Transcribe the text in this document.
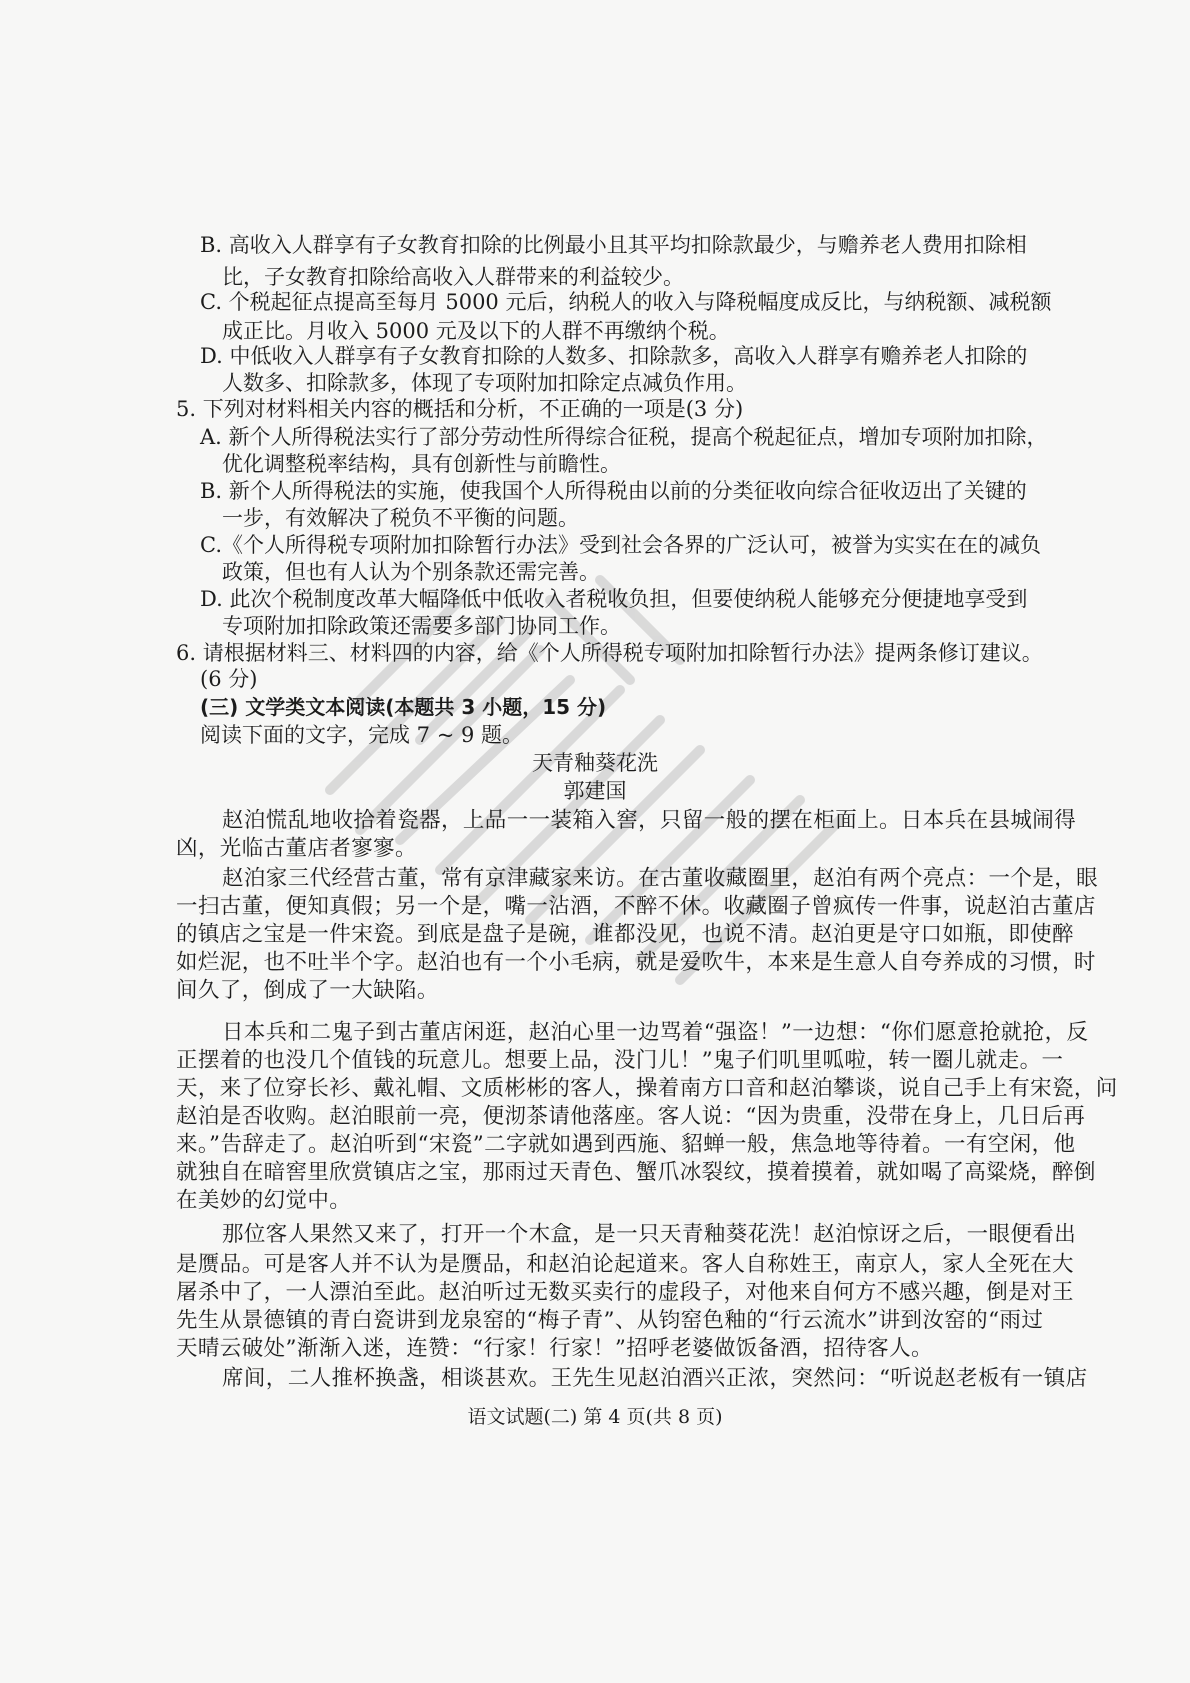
B. 高收入人群享有子女教育扣除的比例最小且其平均扣除款最少，与赡养老人费用扣除相
比，子女教育扣除给高收入人群带来的利益较少。
C. 个税起征点提高至每月 5000 元后，纳税人的收入与降税幅度成反比，与纳税额、减税额
成正比。月收入 5000 元及以下的人群不再缴纳个税。
D. 中低收入人群享有子女教育扣除的人数多、扣除款多，高收入人群享有赡养老人扣除的
人数多、扣除款多，体现了专项附加扣除定点减负作用。
5. 下列对材料相关内容的概括和分析，不正确的一项是(3 分)
A. 新个人所得税法实行了部分劳动性所得综合征税，提高个税起征点，增加专项附加扣除，
优化调整税率结构，具有创新性与前瞻性。
B. 新个人所得税法的实施，使我国个人所得税由以前的分类征收向综合征收迈出了关键的
一步，有效解决了税负不平衡的问题。
C.《个人所得税专项附加扣除暂行办法》受到社会各界的广泛认可，被誉为实实在在的减负
政策，但也有人认为个别条款还需完善。
D. 此次个税制度改革大幅降低中低收入者税收负担，但要使纳税人能够充分便捷地享受到
专项附加扣除政策还需要多部门协同工作。
6. 请根据材料三、材料四的内容，给《个人所得税专项附加扣除暂行办法》提两条修订建议。
(6 分)
(三) 文学类文本阅读(本题共 3 小题，15 分)
阅读下面的文字，完成 7 ~ 9 题。
天青釉葵花洗
郭建国
赵泊慌乱地收拾着瓷器，上品一一装箱入窖，只留一般的摆在柜面上。日本兵在县城闹得
凶，光临古董店者寥寥。
赵泊家三代经营古董，常有京津藏家来访。在古董收藏圈里，赵泊有两个亮点：一个是，眼
一扫古董，便知真假；另一个是，嘴一沾酒，不醉不休。收藏圈子曾疯传一件事，说赵泊古董店
的镇店之宝是一件宋瓷。到底是盘子是碗，谁都没见，也说不清。赵泊更是守口如瓶，即使醉
如烂泥，也不吐半个字。赵泊也有一个小毛病，就是爱吹牛，本来是生意人自夸养成的习惯，时
间久了，倒成了一大缺陷。
日本兵和二鬼子到古董店闲逛，赵泊心里一边骂着“强盗！”一边想：“你们愿意抢就抢，反
正摆着的也没几个值钱的玩意儿。想要上品，没门儿！”鬼子们叽里呱啦，转一圈儿就走。一
天，来了位穿长衫、戴礼帽、文质彬彬的客人，操着南方口音和赵泊攀谈，说自己手上有宋瓷，问
赵泊是否收购。赵泊眼前一亮，便沏茶请他落座。客人说：“因为贵重，没带在身上，几日后再
来。”告辞走了。赵泊听到“宋瓷”二字就如遇到西施、貂蝉一般，焦急地等待着。一有空闲，他
就独自在暗窖里欣赏镇店之宝，那雨过天青色、蟹爪冰裂纹，摸着摸着，就如喝了高粱烧，醉倒
在美妙的幻觉中。
那位客人果然又来了，打开一个木盒，是一只天青釉葵花洗！赵泊惊讶之后，一眼便看出
是赝品。可是客人并不认为是赝品，和赵泊论起道来。客人自称姓王，南京人，家人全死在大
屠杀中了，一人漂泊至此。赵泊听过无数买卖行的虚段子，对他来自何方不感兴趣，倒是对王
先生从景德镇的青白瓷讲到龙泉窑的“梅子青”、从钧窑色釉的“行云流水”讲到汝窑的“雨过
天晴云破处”渐渐入迷，连赞：“行家！行家！”招呼老婆做饭备酒，招待客人。
席间，二人推杯换盏，相谈甚欢。王先生见赵泊酒兴正浓，突然问：“听说赵老板有一镇店
语文试题(二) 第 4 页(共 8 页)
